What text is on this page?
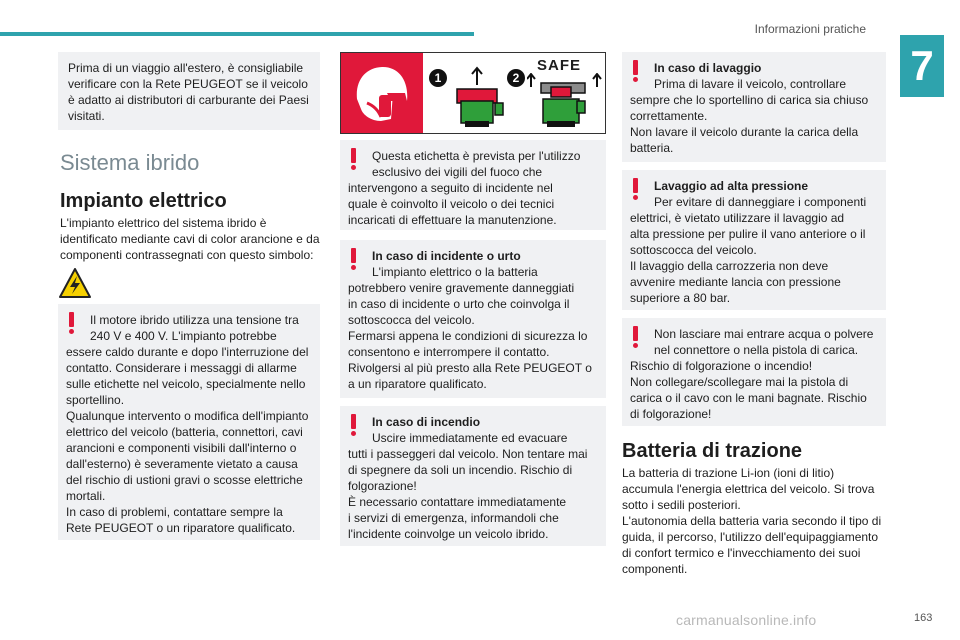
Informazioni pratiche
7

Prima di un viaggio all'estero, è consigliabile
verificare con la Rete PEUGEOT se il veicolo
è adatto ai distributori di carburante dei Paesi
visitati.

Sistema ibrido
Impianto elettrico
L'impianto elettrico del sistema ibrido è
identificato mediante cavi di color arancione e da
componenti contrassegnati con questo simbolo:
Il motore ibrido utilizza una tensione tra
240 V e 400 V. L'impianto potrebbe
essere caldo durante e dopo l'interruzione del
contatto. Considerare i messaggi di allarme
sulle etichette nel veicolo, specialmente nello
sportellino.
Qualunque intervento o modifica dell'impianto
elettrico del veicolo (batteria, connettori, cavi
arancioni e componenti visibili dall'interno o
dall'esterno) è severamente vietato a causa
del rischio di ustioni gravi o scosse elettriche
mortali.
In caso di problemi, contattare sempre la
Rete PEUGEOT o un riparatore qualificato.
1	2
SAFE
Questa etichetta è prevista per l'utilizzo
esclusivo dei vigili del fuoco che
intervengono a seguito di incidente nel
quale è coinvolto il veicolo o dei tecnici
incaricati di effettuare la manutenzione.
In caso di incidente o urto
L'impianto elettrico o la batteria
potrebbero venire gravemente danneggiati
in caso di incidente o urto che coinvolga il
sottoscocca del veicolo.
Fermarsi appena le condizioni di sicurezza lo
consentono e interrompere il contatto.
Rivolgersi al più presto alla Rete PEUGEOT o
a un riparatore qualificato.
In caso di incendio
Uscire immediatamente ed evacuare
tutti i passeggeri dal veicolo. Non tentare mai
di spegnere da soli un incendio. Rischio di
folgorazione!
È necessario contattare immediatamente
i servizi di emergenza, informandoli che
l'incidente coinvolge un veicolo ibrido.
In caso di lavaggio
Prima di lavare il veicolo, controllare
sempre che lo sportellino di carica sia chiuso
correttamente.
Non lavare il veicolo durante la carica della
batteria.
Lavaggio ad alta pressione
Per evitare di danneggiare i componenti
elettrici, è vietato utilizzare il lavaggio ad
alta pressione per pulire il vano anteriore o il
sottoscocca del veicolo.
Il lavaggio della carrozzeria non deve
avvenire mediante lancia con pressione
superiore a 80 bar.
Non lasciare mai entrare acqua o polvere
nel connettore o nella pistola di carica.
Rischio di folgorazione o incendio!
Non collegare/scollegare mai la pistola di
carica o il cavo con le mani bagnate. Rischio
di folgorazione!
Batteria di trazione
La batteria di trazione Li-ion (ioni di litio)
accumula l'energia elettrica del veicolo. Si trova
sotto i sedili posteriori.
L'autonomia della batteria varia secondo il tipo di
guida, il percorso, l'utilizzo dell'equipaggiamento
di confort termico e l'invecchiamento dei suoi
componenti.
carmanualsonline.info	163
